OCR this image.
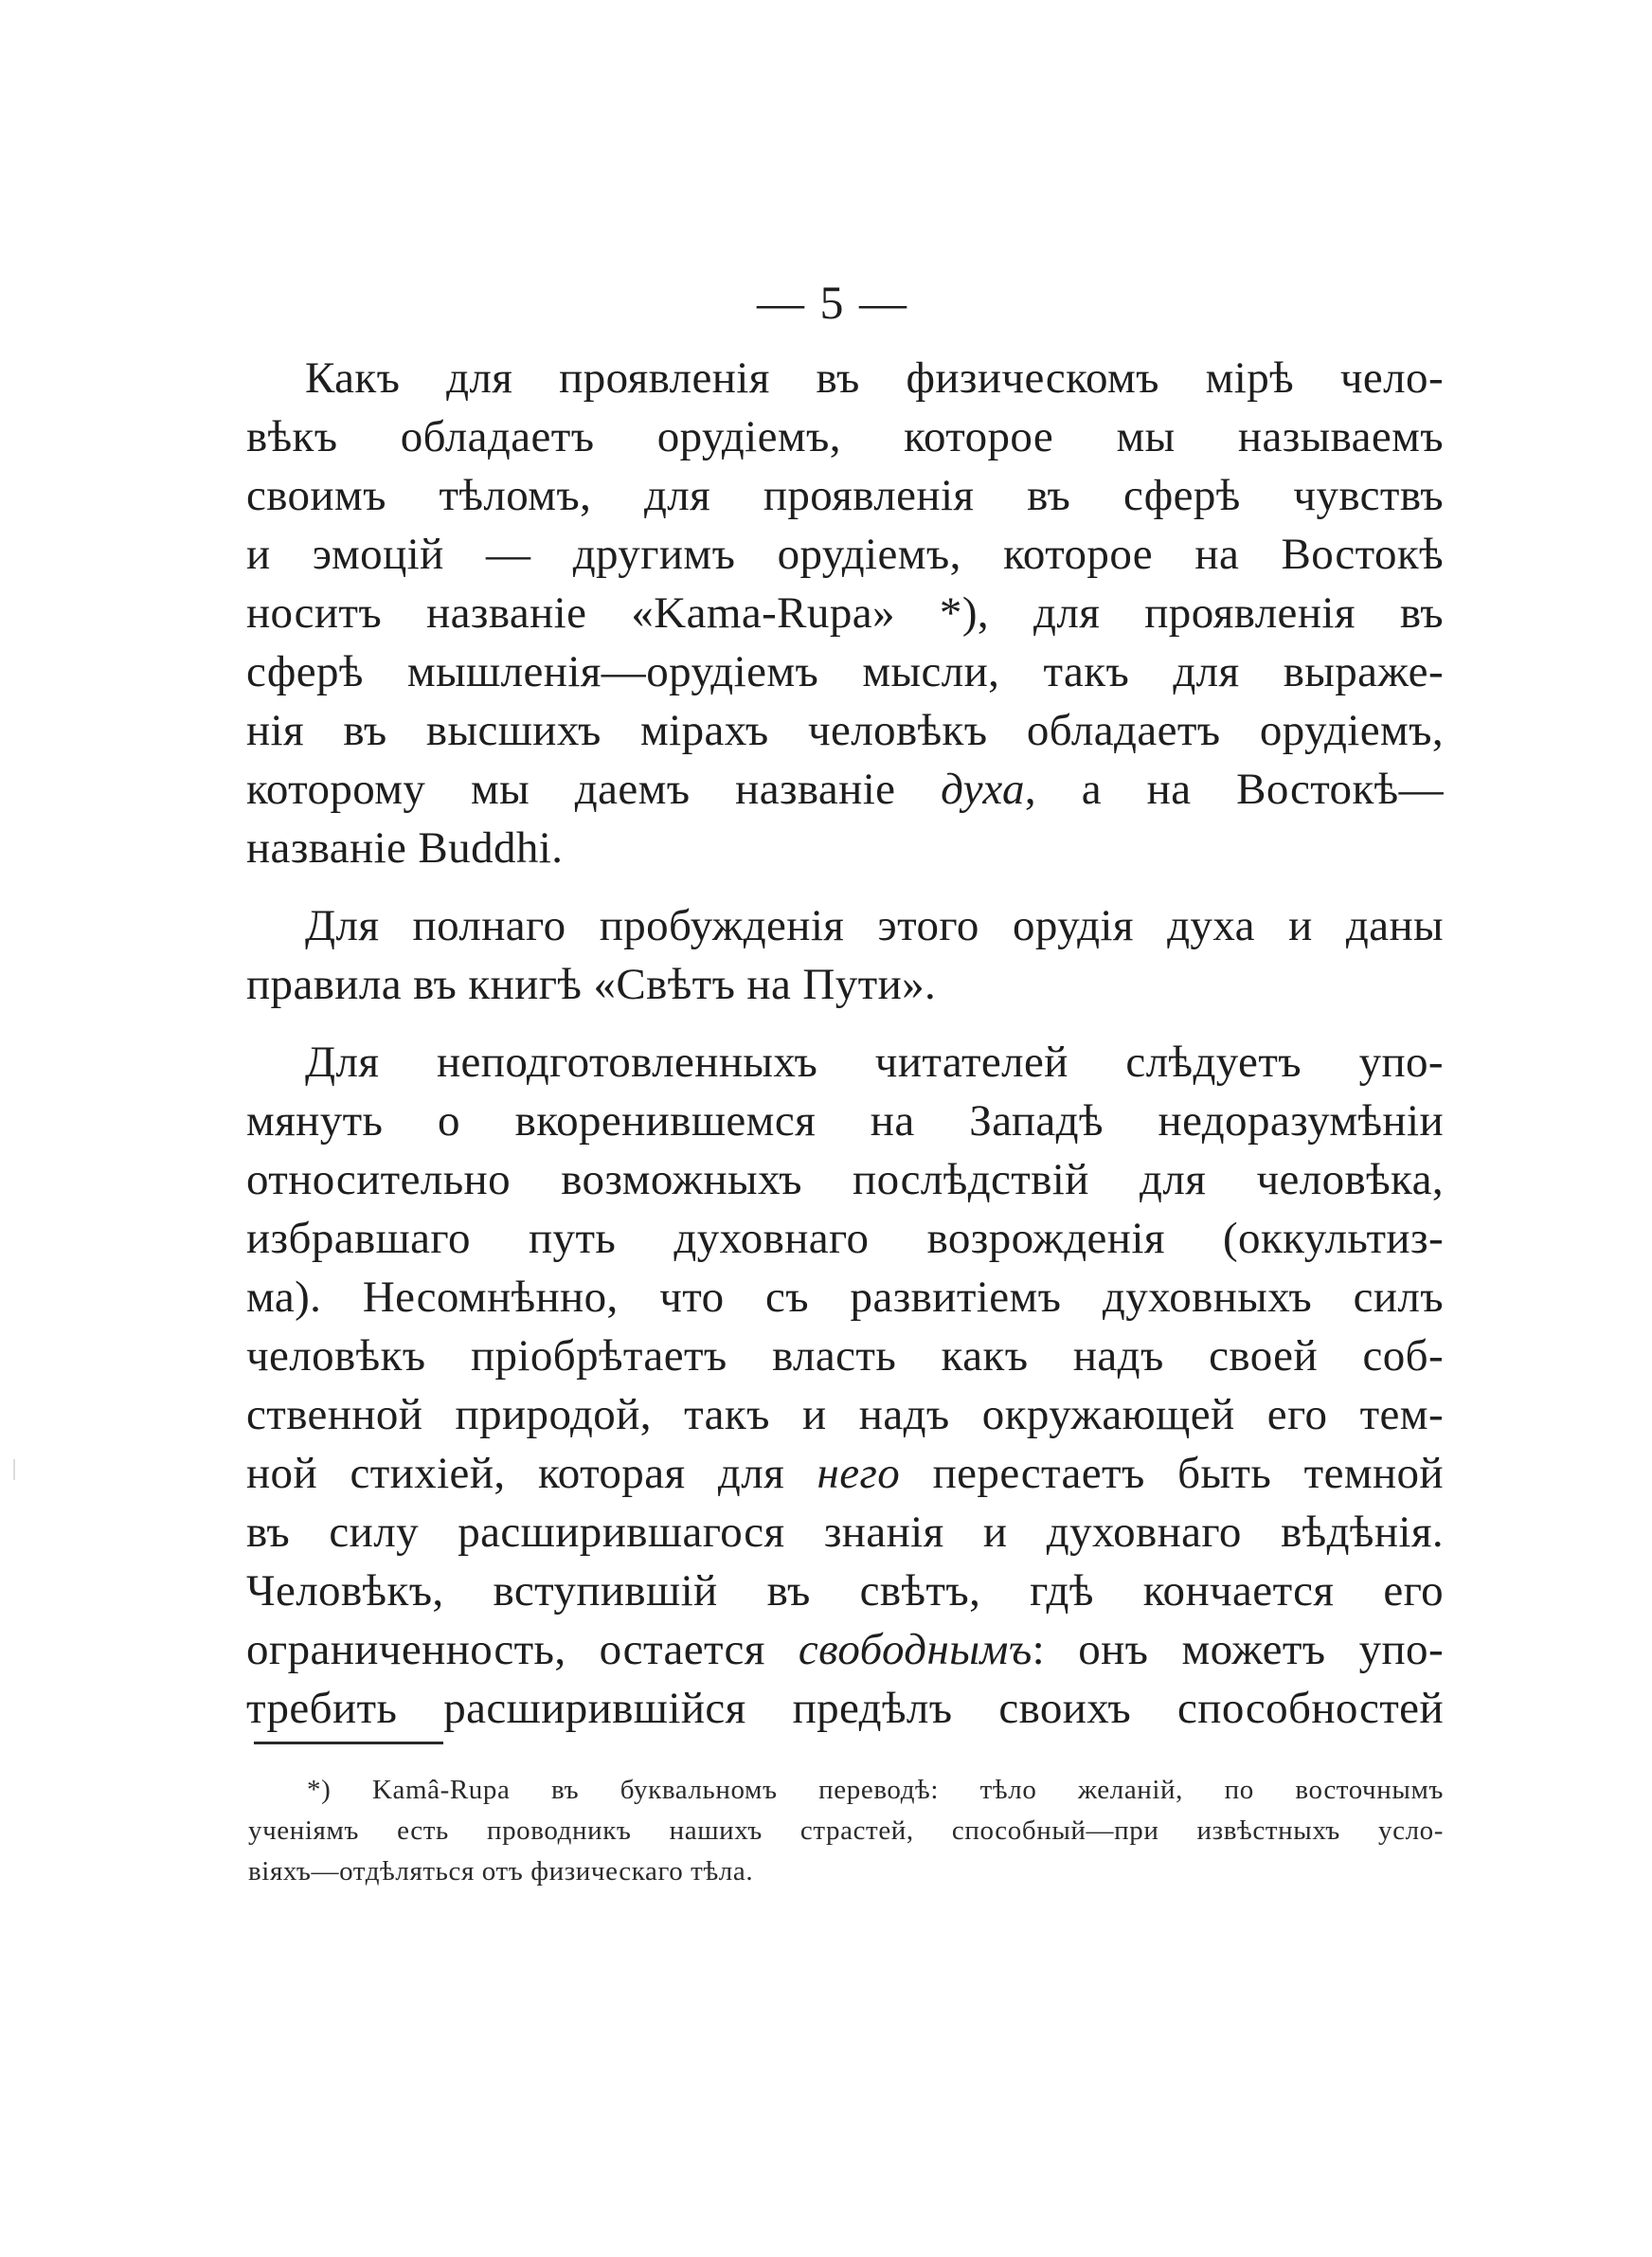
— 5 —
Какъ для проявленія въ физическомъ мірѣ чело-
вѣкъ обладаетъ орудіемъ, которое мы называемъ
своимъ тѣломъ, для проявленія въ сферѣ чувствъ
и эмоцій — другимъ орудіемъ, которое на Востокѣ
носитъ названіе «Kama-Rupa» *), для проявленія въ
сферѣ мышленія—орудіемъ мысли, такъ для выраже-
нія въ высшихъ мірахъ человѣкъ обладаетъ орудіемъ,
которому мы даемъ названіе духа, а на Востокѣ—
названіе Buddhi.
Для полнаго пробужденія этого орудія духа и даны
правила въ книгѣ «Свѣтъ на Пути».
Для неподготовленныхъ читателей слѣдуетъ упо-
мянуть о вкоренившемся на Западѣ недоразумѣніи
относительно возможныхъ послѣдствій для человѣка,
избравшаго путь духовнаго возрожденія (оккультиз-
ма). Несомнѣнно, что съ развитіемъ духовныхъ силъ
человѣкъ пріобрѣтаетъ власть какъ надъ своей соб-
ственной природой, такъ и надъ окружающей его тем-
ной стихіей, которая для него перестаетъ быть темной
въ силу расширившагося знанія и духовнаго вѣдѣнія.
Человѣкъ, вступившій въ свѣтъ, гдѣ кончается его
ограниченность, остается свободнымъ: онъ можетъ упо-
требить расширившійся предѣлъ своихъ способностей
*) Kamâ-Rupa въ буквальномъ переводѣ: тѣло желаній, по восточнымъ
ученіямъ есть проводникъ нашихъ страстей, способный—при извѣстныхъ усло-
віяхъ—отдѣляться отъ физическаго тѣла.
